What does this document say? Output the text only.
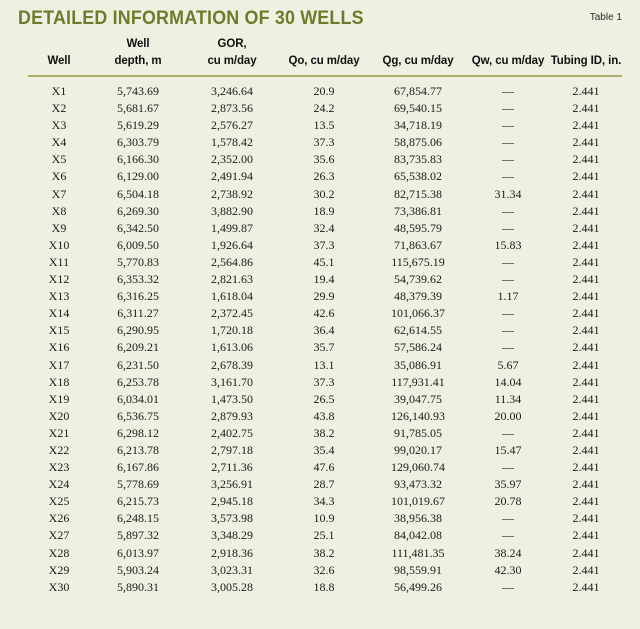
DETAILED INFORMATION OF 30 WELLS	Table 1
	Well	GOR,				
Well	depth, m	cu m/day	Qo, cu m/day	Qg, cu m/day	Qw, cu m/day	Tubing ID, in.

X1	5,743.69	3,246.64	20.9	67,854.77	—	2.441
X2	5,681.67	2,873.56	24.2	69,540.15	—	2.441
X3	5,619.29	2,576.27	13.5	34,718.19	—	2.441
X4	6,303.79	1,578.42	37.3	58,875.06	—	2.441
X5	6,166.30	2,352.00	35.6	83,735.83	—	2.441
X6	6,129.00	2,491.94	26.3	65,538.02	—	2.441
X7	6,504.18	2,738.92	30.2	82,715.38	31.34	2.441
X8	6,269.30	3,882.90	18.9	73,386.81	—	2.441
X9	6,342.50	1,499.87	32.4	48,595.79	—	2.441
X10	6,009.50	1,926.64	37.3	71,863.67	15.83	2.441
X11	5,770.83	2,564.86	45.1	115,675.19	—	2.441
X12	6,353.32	2,821.63	19.4	54,739.62	—	2.441
X13	6,316.25	1,618.04	29.9	48,379.39	1.17	2.441
X14	6,311.27	2,372.45	42.6	101,066.37	—	2.441
X15	6,290.95	1,720.18	36.4	62,614.55	—	2.441
X16	6,209.21	1,613.06	35.7	57,586.24	—	2.441
X17	6,231.50	2,678.39	13.1	35,086.91	5.67	2.441
X18	6,253.78	3,161.70	37.3	117,931.41	14.04	2.441
X19	6,034.01	1,473.50	26.5	39,047.75	11.34	2.441
X20	6,536.75	2,879.93	43.8	126,140.93	20.00	2.441
X21	6,298.12	2,402.75	38.2	91,785.05	—	2.441
X22	6,213.78	2,797.18	35.4	99,020.17	15.47	2.441
X23	6,167.86	2,711.36	47.6	129,060.74	—	2.441
X24	5,778.69	3,256.91	28.7	93,473.32	35.97	2.441
X25	6,215.73	2,945.18	34.3	101,019.67	20.78	2.441
X26	6,248.15	3,573.98	10.9	38,956.38	—	2.441
X27	5,897.32	3,348.29	25.1	84,042.08	—	2.441
X28	6,013.97	2,918.36	38.2	111,481.35	38.24	2.441
X29	5,903.24	3,023.31	32.6	98,559.91	42.30	2.441
X30	5,890.31	3,005.28	18.8	56,499.26	—	2.441
